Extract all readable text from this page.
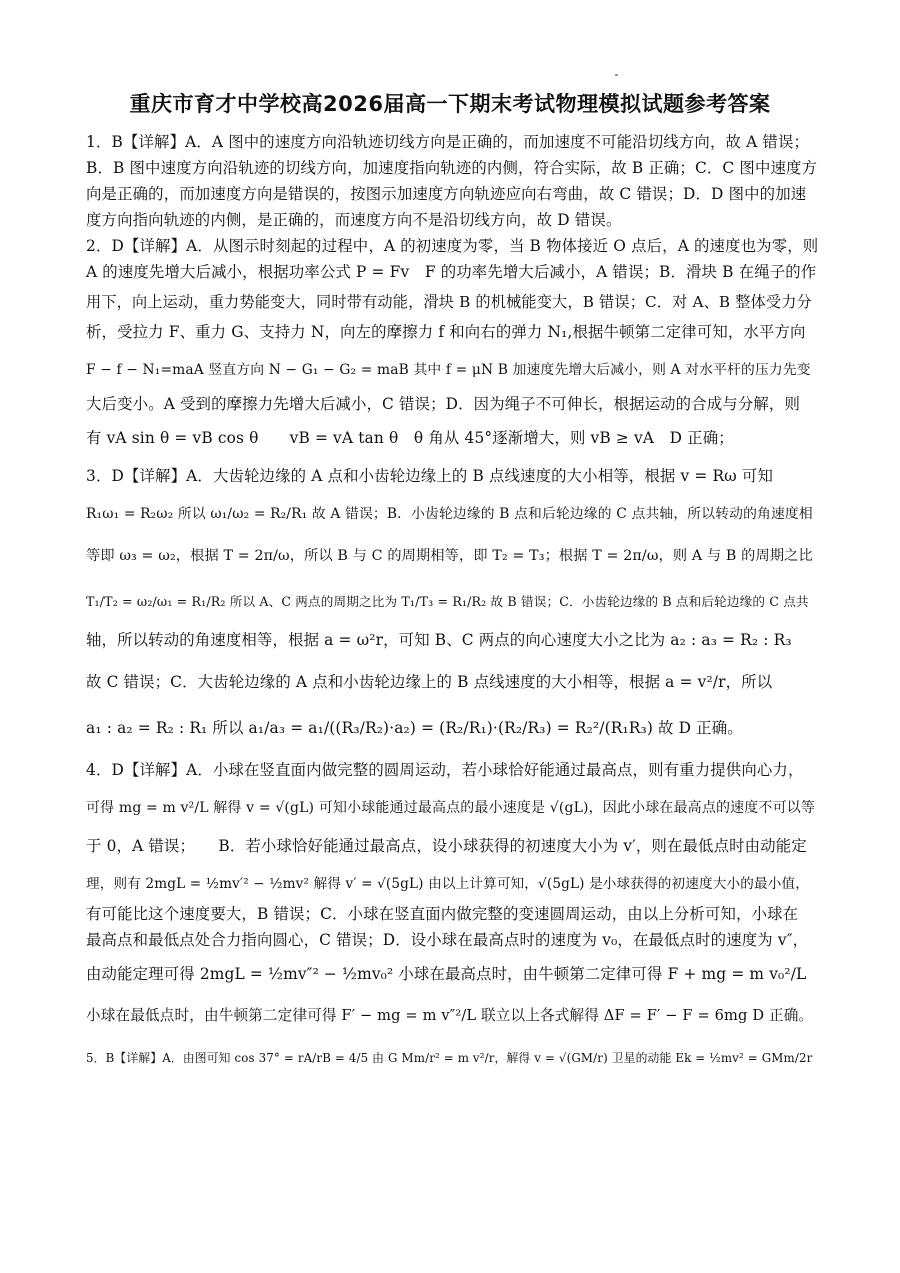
重庆市育才中学校高2026届高一下期末考试物理模拟试题参考答案
1．B【详解】A．A 图中的速度方向沿轨迹切线方向是正确的，而加速度不可能沿切线方向，故 A 错误；
B．B 图中速度方向沿轨迹的切线方向，加速度指向轨迹的内侧，符合实际，故 B 正确；C．C 图中速度方
向是正确的，而加速度方向是错误的，按图示加速度方向轨迹应向右弯曲，故 C 错误；D．D 图中的加速
度方向指向轨迹的内侧，是正确的，而速度方向不是沿切线方向，故 D 错误。
2．D【详解】A．从图示时刻起的过程中，A 的初速度为零，当 B 物体接近 O 点后，A 的速度也为零，则
A 的速度先增大后减小，根据功率公式 P = Fv　F 的功率先增大后减小，A 错误；B．滑块 B 在绳子的作
用下，向上运动，重力势能变大，同时带有动能，滑块 B 的机械能变大，B 错误；C．对 A、B 整体受力分
析，受拉力 F、重力 G、支持力 N，向左的摩擦力 f 和向右的弹力 N₁,根据牛顿第二定律可知，水平方向
F − f − N₁=maA 竖直方向 N − G₁ − G₂ = maB 其中 f = μN B 加速度先增大后减小，则 A 对水平杆的压力先变
大后变小。A 受到的摩擦力先增大后减小，C 错误；D．因为绳子不可伸长，根据运动的合成与分解，则
有 vA sin θ = vB cos θ　　vB = vA tan θ　θ 角从 45°逐渐增大，则 vB ≥ vA　D 正确；
3．D【详解】A．大齿轮边缘的 A 点和小齿轮边缘上的 B 点线速度的大小相等，根据 v = Rω 可知
R₁ω₁ = R₂ω₂ 所以 ω₁/ω₂ = R₂/R₁ 故 A 错误；B．小齿轮边缘的 B 点和后轮边缘的 C 点共轴，所以转动的角速度相
等即 ω₃ = ω₂，根据 T = 2π/ω，所以 B 与 C 的周期相等，即 T₂ = T₃；根据 T = 2π/ω，则 A 与 B 的周期之比
T₁/T₂ = ω₂/ω₁ = R₁/R₂ 所以 A、C 两点的周期之比为 T₁/T₃ = R₁/R₂ 故 B 错误；C．小齿轮边缘的 B 点和后轮边缘的 C 点共
轴，所以转动的角速度相等，根据 a = ω²r，可知 B、C 两点的向心速度大小之比为 a₂ : a₃ = R₂ : R₃
故 C 错误；C．大齿轮边缘的 A 点和小齿轮边缘上的 B 点线速度的大小相等，根据 a = v²/r，所以
a₁ : a₂ = R₂ : R₁ 所以 a₁/a₃ = a₁/((R₃/R₂)·a₂) = (R₂/R₁)·(R₂/R₃) = R₂²/(R₁R₃) 故 D 正确。
4．D【详解】A．小球在竖直面内做完整的圆周运动，若小球恰好能通过最高点，则有重力提供向心力，
可得 mg = m v²/L 解得 v = √(gL) 可知小球能通过最高点的最小速度是 √(gL)，因此小球在最高点的速度不可以等
于 0，A 错误；　　B．若小球恰好能通过最高点，设小球获得的初速度大小为 v′，则在最低点时由动能定
理，则有 2mgL = ½mv′² − ½mv² 解得 v′ = √(5gL) 由以上计算可知，√(5gL) 是小球获得的初速度大小的最小值，
有可能比这个速度要大，B 错误；C．小球在竖直面内做完整的变速圆周运动，由以上分析可知，小球在
最高点和最低点处合力指向圆心，C 错误；D．设小球在最高点时的速度为 v₀，在最低点时的速度为 v″，
由动能定理可得 2mgL = ½mv″² − ½mv₀² 小球在最高点时，由牛顿第二定律可得 F + mg = m v₀²/L
小球在最低点时，由牛顿第二定律可得 F′ − mg = m v″²/L 联立以上各式解得 ΔF = F′ − F = 6mg D 正确。
5．B【详解】A．由图可知 cos 37° = rA/rB = 4/5 由 G Mm/r² = m v²/r，解得 v = √(GM/r) 卫星的动能 Ek = ½mv² = GMm/2r
